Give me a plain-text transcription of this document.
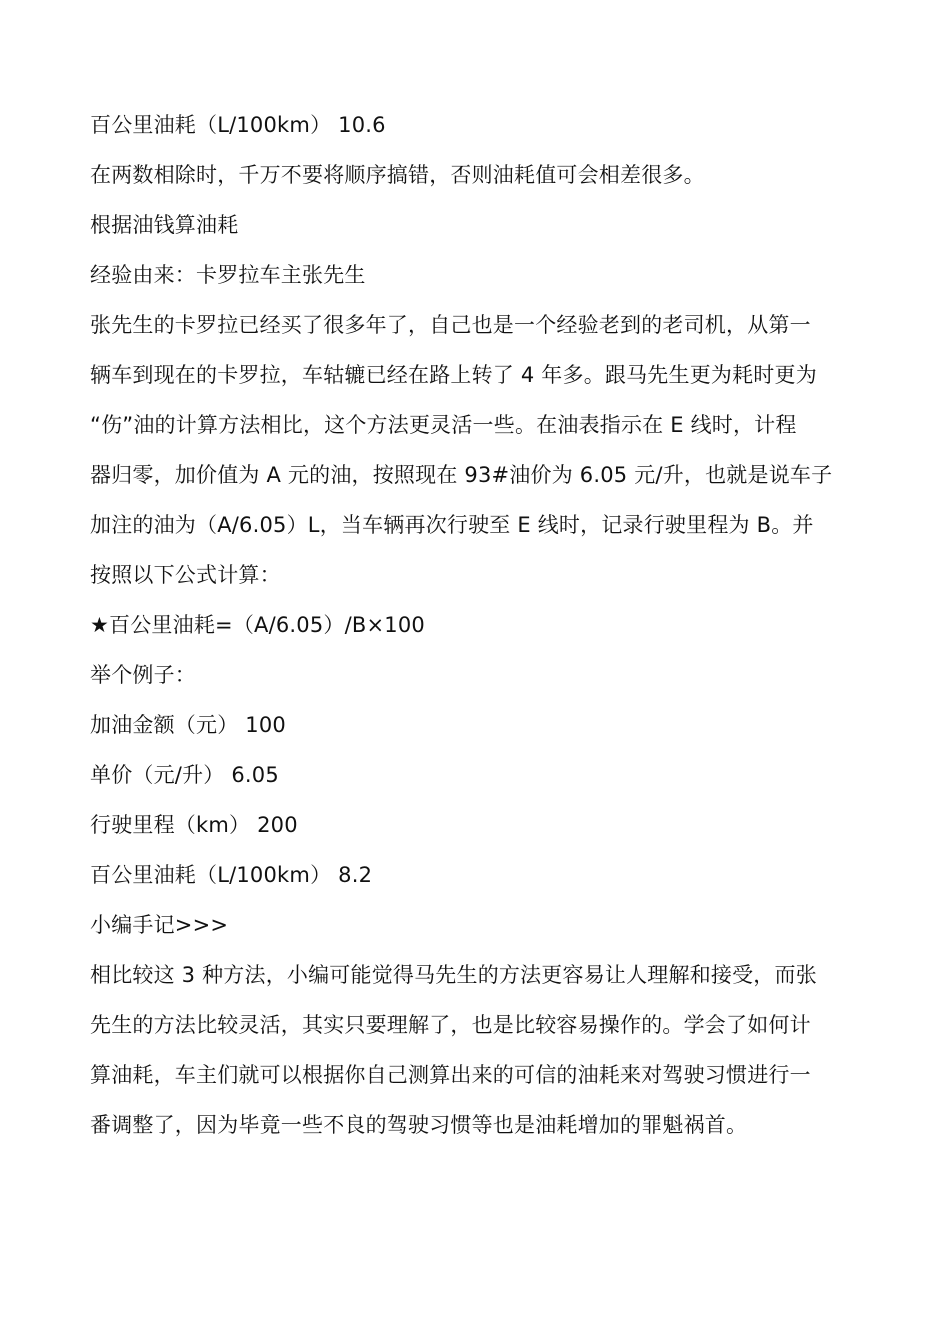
百公里油耗（L/100km） 10.6
在两数相除时，千万不要将顺序搞错，否则油耗值可会相差很多。
根据油钱算油耗
经验由来：卡罗拉车主张先生
张先生的卡罗拉已经买了很多年了，自己也是一个经验老到的老司机，从第一
辆车到现在的卡罗拉，车轱辘已经在路上转了 4 年多。跟马先生更为耗时更为
“伤”油的计算方法相比，这个方法更灵活一些。在油表指示在 E 线时，计程
器归零，加价值为 A 元的油，按照现在 93#油价为 6.05 元/升，也就是说车子
加注的油为（A/6.05）L，当车辆再次行驶至 E 线时，记录行驶里程为 B。并
按照以下公式计算：
★百公里油耗=（A/6.05）/B×100
举个例子：
加油金额（元） 100
单价（元/升） 6.05
行驶里程（km） 200
百公里油耗（L/100km） 8.2
小编手记>>>
相比较这 3 种方法，小编可能觉得马先生的方法更容易让人理解和接受，而张
先生的方法比较灵活，其实只要理解了，也是比较容易操作的。学会了如何计
算油耗，车主们就可以根据你自己测算出来的可信的油耗来对驾驶习惯进行一
番调整了，因为毕竟一些不良的驾驶习惯等也是油耗增加的罪魁祸首。
